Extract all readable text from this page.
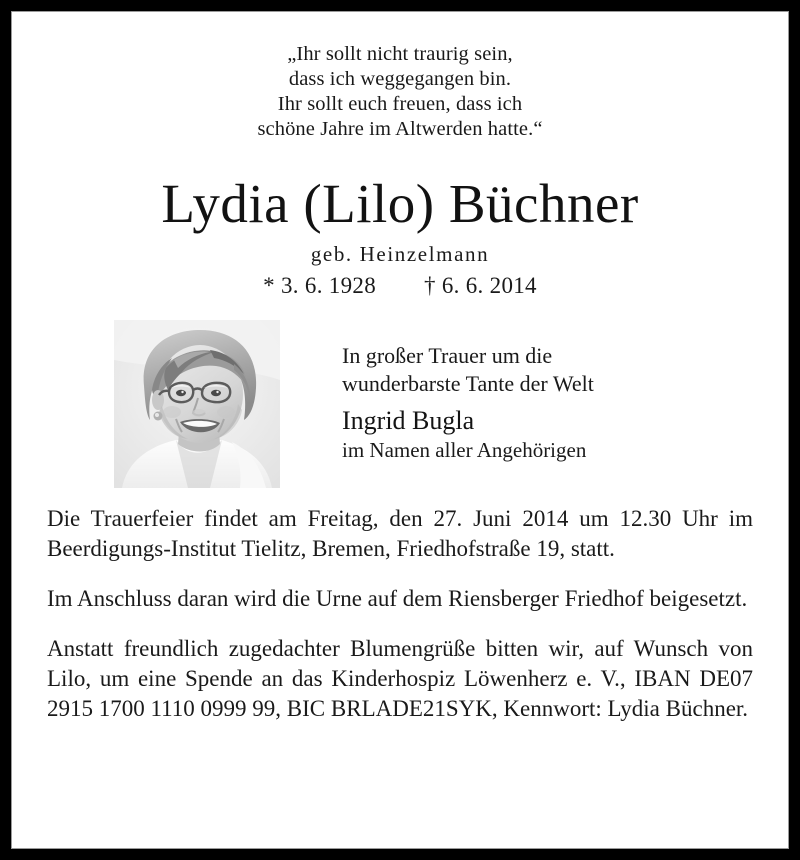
„Ihr sollt nicht traurig sein,
dass ich weggegangen bin.
Ihr sollt euch freuen, dass ich
schöne Jahre im Altwerden hatte.“
Lydia (Lilo) Büchner
geb. Heinzelmann
* 3. 6. 1928 † 6. 6. 2014
In großer Trauer um die
wunderbarste Tante der Welt
Ingrid Bugla
im Namen aller Angehörigen

Die Trauerfeier findet am Freitag, den 27. Juni 2014 um 12.30 Uhr im Beerdigungs-Institut Tielitz, Bremen, Friedhofstraße 19, statt.

Im Anschluss daran wird die Urne auf dem Riensberger Friedhof beigesetzt.

Anstatt freundlich zugedachter Blumengrüße bitten wir, auf Wunsch von Lilo, um eine Spende an das Kinderhospiz Löwenherz e. V., IBAN DE07 2915 1700 1110 0999 99, BIC BRLADE21SYK, Kennwort: Lydia Büchner.
